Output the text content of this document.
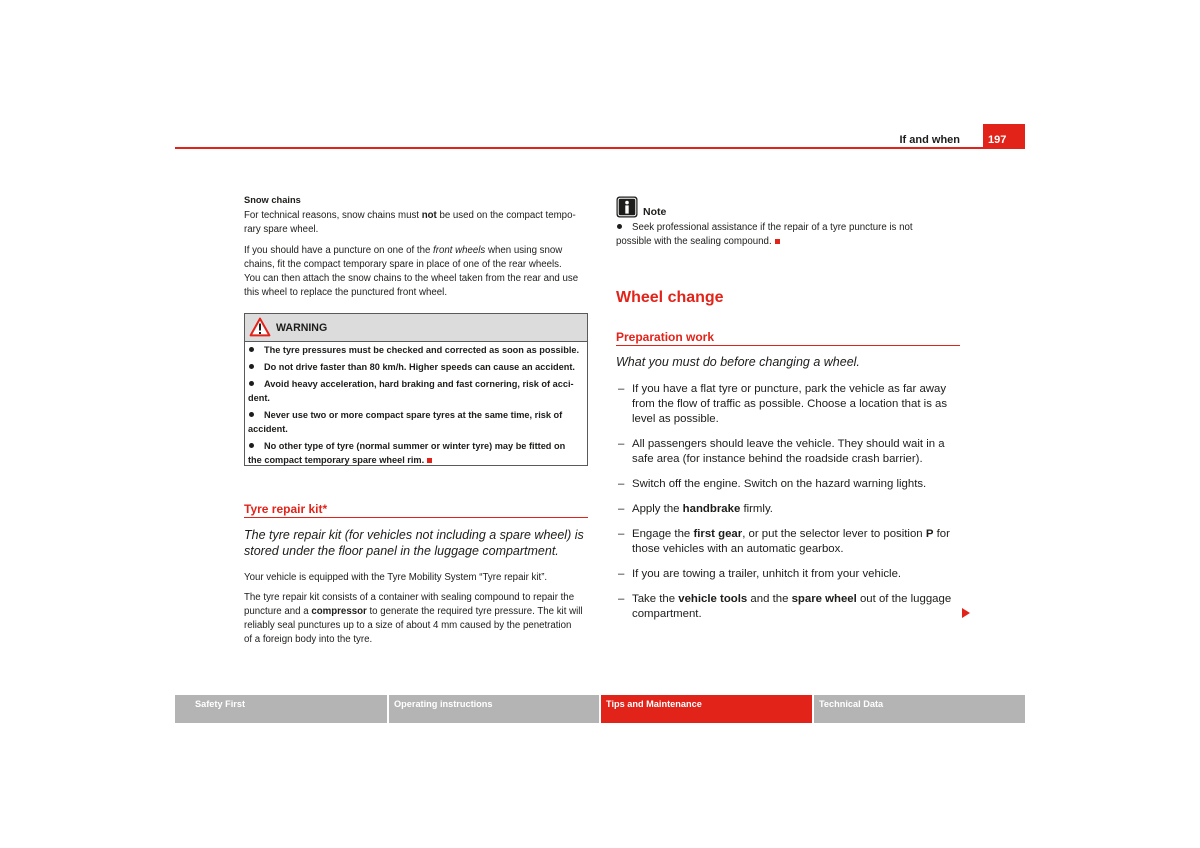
If and when	197
Snow chains

For technical reasons, snow chains must not be used on the compact tempo-
rary spare wheel.

If you should have a puncture on one of the front wheels when using snow
chains, fit the compact temporary spare in place of one of the rear wheels.
You can then attach the snow chains to the wheel taken from the rear and use
this wheel to replace the punctured front wheel.

WARNING
The tyre pressures must be checked and corrected as soon as possible.
Do not drive faster than 80 km/h. Higher speeds can cause an accident.
Avoid heavy acceleration, hard braking and fast cornering, risk of acci-
dent.
Never use two or more compact spare tyres at the same time, risk of
accident.
No other type of tyre (normal summer or winter tyre) may be fitted on
the compact temporary spare wheel rim.
Tyre repair kit*

The tyre repair kit (for vehicles not including a spare wheel) is
stored under the floor panel in the luggage compartment.

Your vehicle is equipped with the Tyre Mobility System “Tyre repair kit”.

The tyre repair kit consists of a container with sealing compound to repair the
puncture and a compressor to generate the required tyre pressure. The kit will
reliably seal punctures up to a size of about 4 mm caused by the penetration
of a foreign body into the tyre.

Note

Seek professional assistance if the repair of a tyre puncture is not
possible with the sealing compound.

Wheel change
Preparation work

What you must do before changing a wheel.

– If you have a flat tyre or puncture, park the vehicle as far away
from the flow of traffic as possible. Choose a location that is as
level as possible.
– All passengers should leave the vehicle. They should wait in a
safe area (for instance behind the roadside crash barrier).
– Switch off the engine. Switch on the hazard warning lights.
– Apply the handbrake firmly.
– Engage the first gear, or put the selector lever to position P for
those vehicles with an automatic gearbox.
– If you are towing a trailer, unhitch it from your vehicle.
– Take the vehicle tools and the spare wheel out of the luggage
compartment.
Safety First	Operating instructions	Tips and Maintenance	Technical Data
